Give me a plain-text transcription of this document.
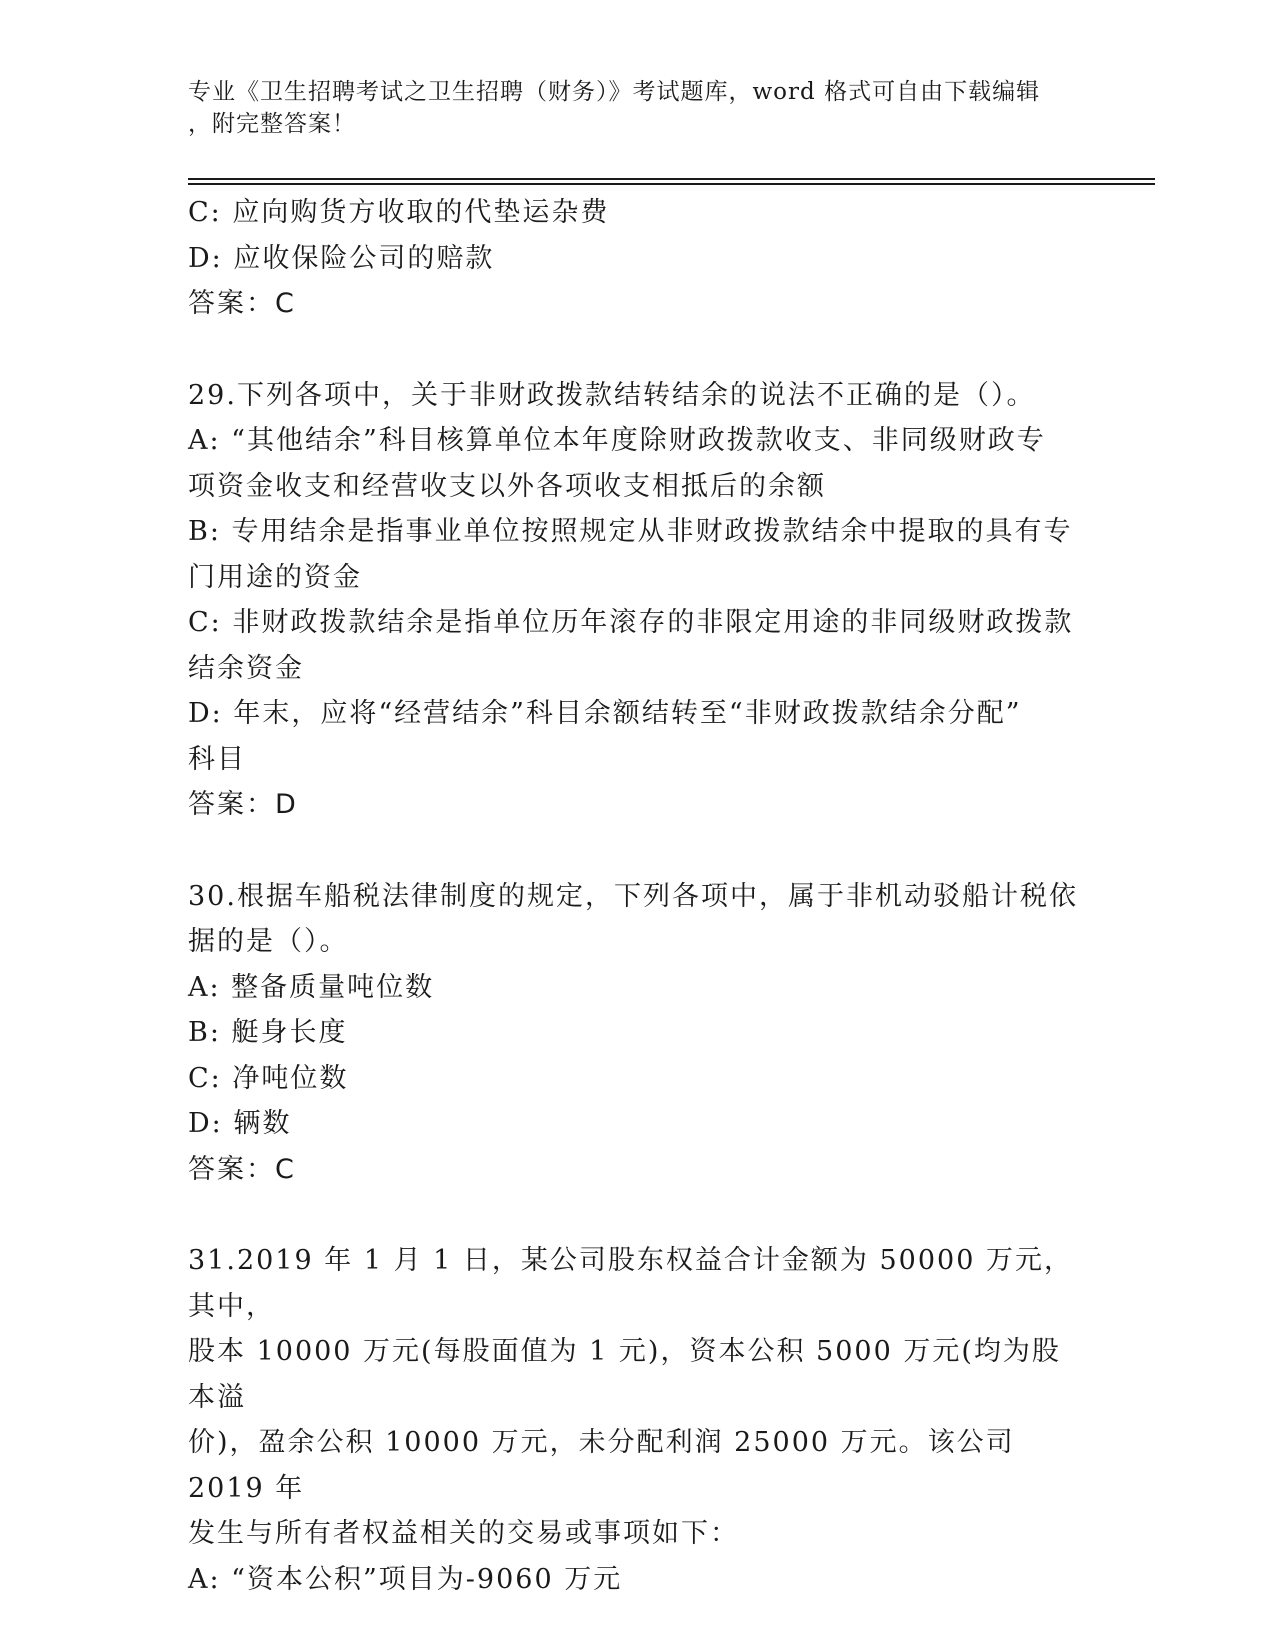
专业《卫生招聘考试之卫生招聘（财务）》考试题库，word 格式可自由下载编辑
，附完整答案！

C: 应向购货方收取的代垫运杂费

D: 应收保险公司的赔款

答案：C

29.下列各项中，关于非财政拨款结转结余的说法不正确的是（）。

A: “其他结余”科目核算单位本年度除财政拨款收支、非同级财政专

项资金收支和经营收支以外各项收支相抵后的余额

B: 专用结余是指事业单位按照规定从非财政拨款结余中提取的具有专

门用途的资金

C: 非财政拨款结余是指单位历年滚存的非限定用途的非同级财政拨款

结余资金

D: 年末，应将“经营结余”科目余额结转至“非财政拨款结余分配”

科目

答案：D

30.根据车船税法律制度的规定，下列各项中，属于非机动驳船计税依

据的是（）。

A: 整备质量吨位数

B: 艇身长度

C: 净吨位数

D: 辆数

答案：C

31.2019 年 1 月 1 日，某公司股东权益合计金额为 50000 万元，其中，

股本 10000 万元(每股面值为 1 元)，资本公积 5000 万元(均为股本溢

价)，盈余公积 10000 万元，未分配利润 25000 万元。该公司 2019 年

发生与所有者权益相关的交易或事项如下：

A: “资本公积”项目为-9060 万元
